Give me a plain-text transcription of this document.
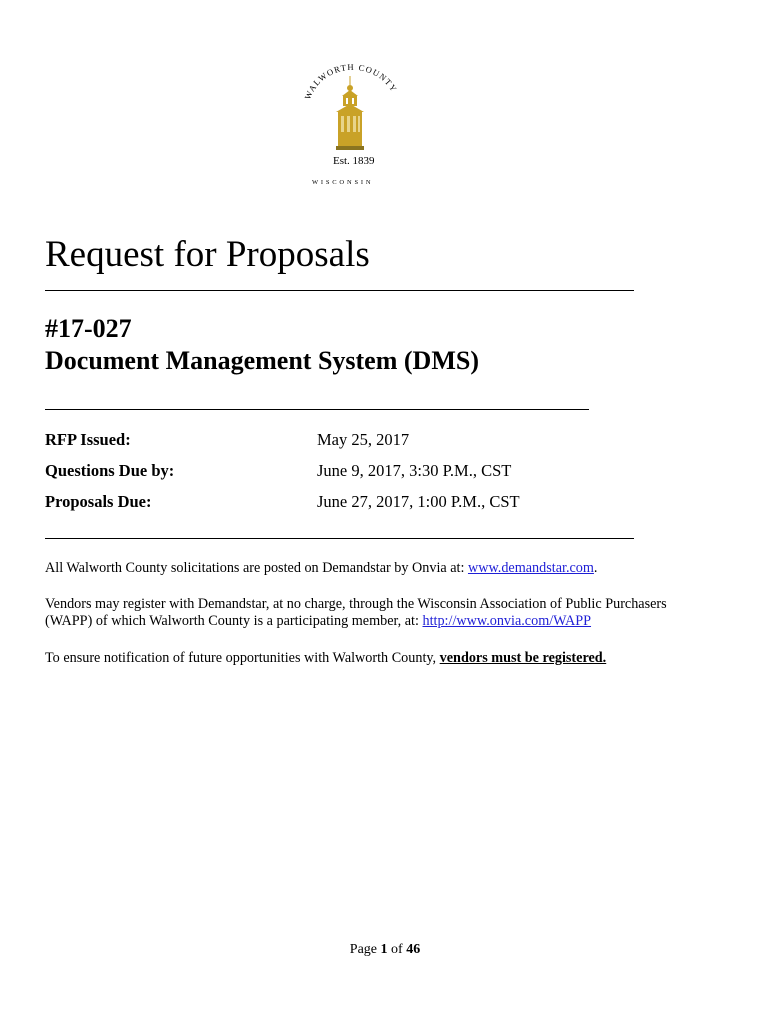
WALWORTH COUNTY
Est. 1839
W I S C O N S I N
Request for Proposals
#17-027
Document Management System (DMS)
RFP Issued:	May 25, 2017
Questions Due by:	June 9, 2017, 3:30 P.M., CST
Proposals Due:	June 27, 2017, 1:00 P.M., CST
All Walworth County solicitations are posted on Demandstar by Onvia at: www.demandstar.com.
Vendors may register with Demandstar, at no charge, through the Wisconsin Association of Public Purchasers
(WAPP) of which Walworth County is a participating member, at: http://www.onvia.com/WAPP
To ensure notification of future opportunities with Walworth County, vendors must be registered.
Page 1 of 46
